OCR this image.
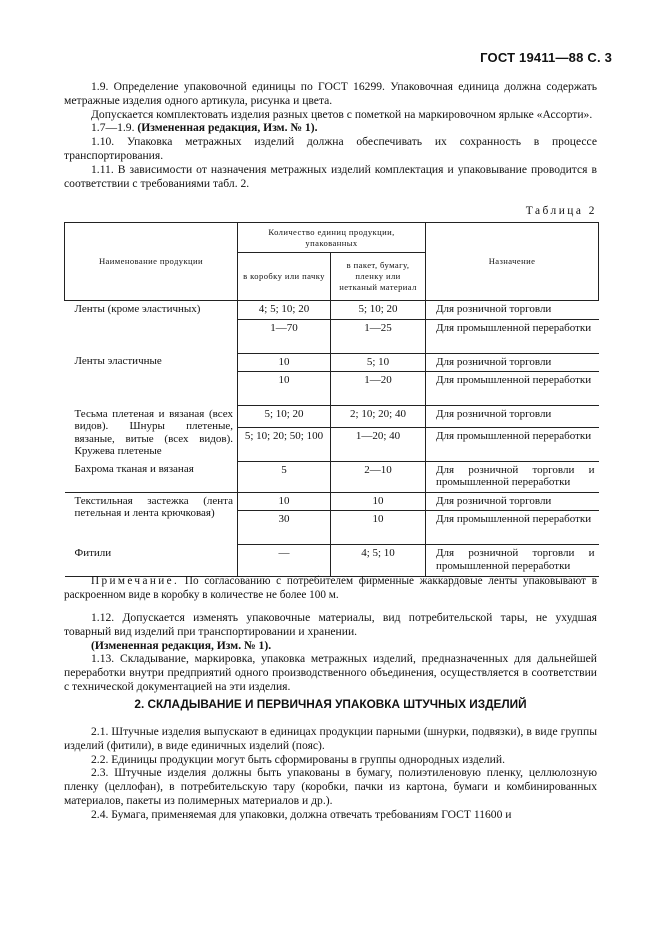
ГОСТ 19411—88 С. 3

1.9. Определение упаковочной единицы по ГОСТ 16299. Упаковочная единица должна содержать метражные изделия одного артикула, рисунка и цвета.

Допускается комплектовать изделия разных цветов с пометкой на маркировочном ярлыке «Ассорти».

1.7—1.9. (Измененная редакция, Изм. № 1).

1.10. Упаковка метражных изделий должна обеспечивать их сохранность в процессе транспортирования.

1.11. В зависимости от назначения метражных изделий комплектация и упаковывание проводится в соответствии с требованиями табл. 2.

Таблица 2
Наименование продукции	Количество единиц продукции, упакованных		Назначение
	в коробку или пачку	в пакет, бумагу, пленку или нетканый материал	
Ленты (кроме эластичных)	4; 5; 10; 20	5; 10; 20	Для розничной торговли
	1—70	1—25	Для промышленной переработки
Ленты эластичные	10	5; 10	Для розничной торговли
	10	1—20	Для промышленной переработки
Тесьма плетеная и вязаная (всех видов). Шнуры плетеные, вязаные, витые (всех видов). Кружева плетеные	5; 10; 20	2; 10; 20; 40	Для розничной торговли
	5; 10; 20; 50; 100	1—20; 40	Для промышленной переработки
Бахрома тканая и вязаная	5	2—10	Для розничной торговли и промышленной переработки
Текстильная застежка (лента петельная и лента крючковая)	10	10	Для розничной торговли
	30	10	Для промышленной переработки
Фитили	—	4; 5; 10	Для розничной торговли и промышленной переработки
Примечание. По согласованию с потребителем фирменные жаккардовые ленты упаковывают в раскроенном виде в коробку в количестве не более 100 м.

1.12. Допускается изменять упаковочные материалы, вид потребительской тары, не ухудшая товарный вид изделий при транспортировании и хранении.

(Измененная редакция, Изм. № 1).

1.13. Складывание, маркировка, упаковка метражных изделий, предназначенных для дальнейшей переработки внутри предприятий одного производственного объединения, осуществляется в соответствии с технической документацией на эти изделия.

2. СКЛАДЫВАНИЕ И ПЕРВИЧНАЯ УПАКОВКА ШТУЧНЫХ ИЗДЕЛИЙ

2.1. Штучные изделия выпускают в единицах продукции парными (шнурки, подвязки), в виде группы изделий (фитили), в виде единичных изделий (пояс).

2.2. Единицы продукции могут быть сформированы в группы однородных изделий.

2.3. Штучные изделия должны быть упакованы в бумагу, полиэтиленовую пленку, целлюлозную пленку (целлофан), в потребительскую тару (коробки, пачки из картона, бумаги и комбинированных материалов, пакеты из полимерных материалов и др.).

2.4. Бумага, применяемая для упаковки, должна отвечать требованиям ГОСТ 11600 и
